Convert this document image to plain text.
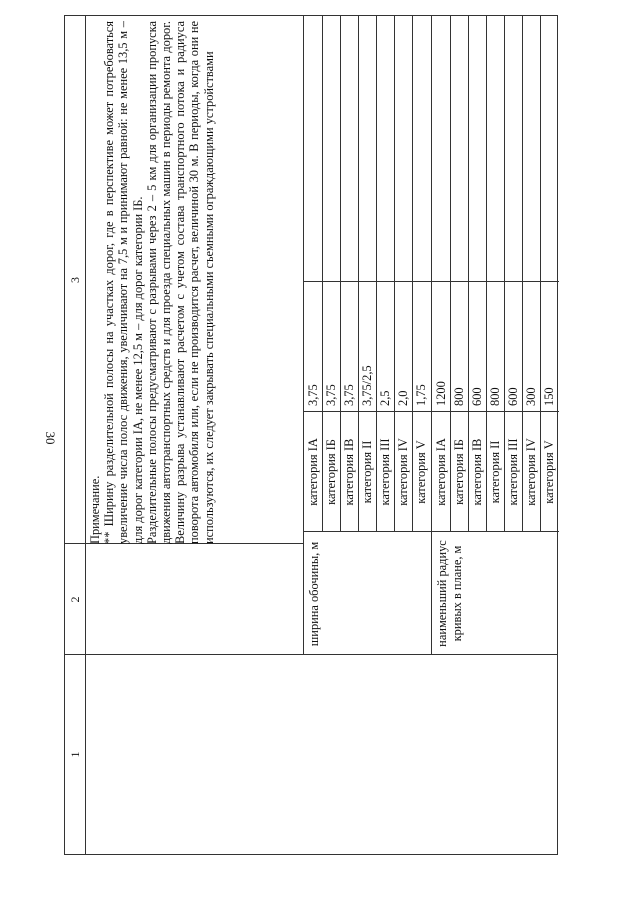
30
1
2
3

Примечание. ** Ширину разделительной полосы на участках дорог, где в перспективе может потребоваться увеличение числа полос движения, увеличивают на 7,5 м и принимают равной: не менее 13,5 м – для дорог категории IA, не менее 12,5 м – для дорог категории IБ. Разделительные полосы предусматривают с разрывами через 2 – 5 км для организации пропуска движения автотранспортных средств и для проезда специальных машин в периоды ремонта дорог. Величину разрыва устанавливают расчетом с учетом состава транспортного потока и радиуса поворота автомобиля или, если не производится расчет, величиной 30 м. В периоды, когда они не используются, их следует закрывать специальными съемными ограждающими устройствами

ширина обочины, м
категория IA
3,75
категория IБ
3,75
категория IВ
3,75
категория II
3,75/2,5
категория III
2,5
категория IV
2,0
категория V
1,75
наименьший радиус кривых в плане, м
категория IA
1200
категория IБ
800
категория IВ
600
категория II
800
категория III
600
категория IV
300
категория V
150
